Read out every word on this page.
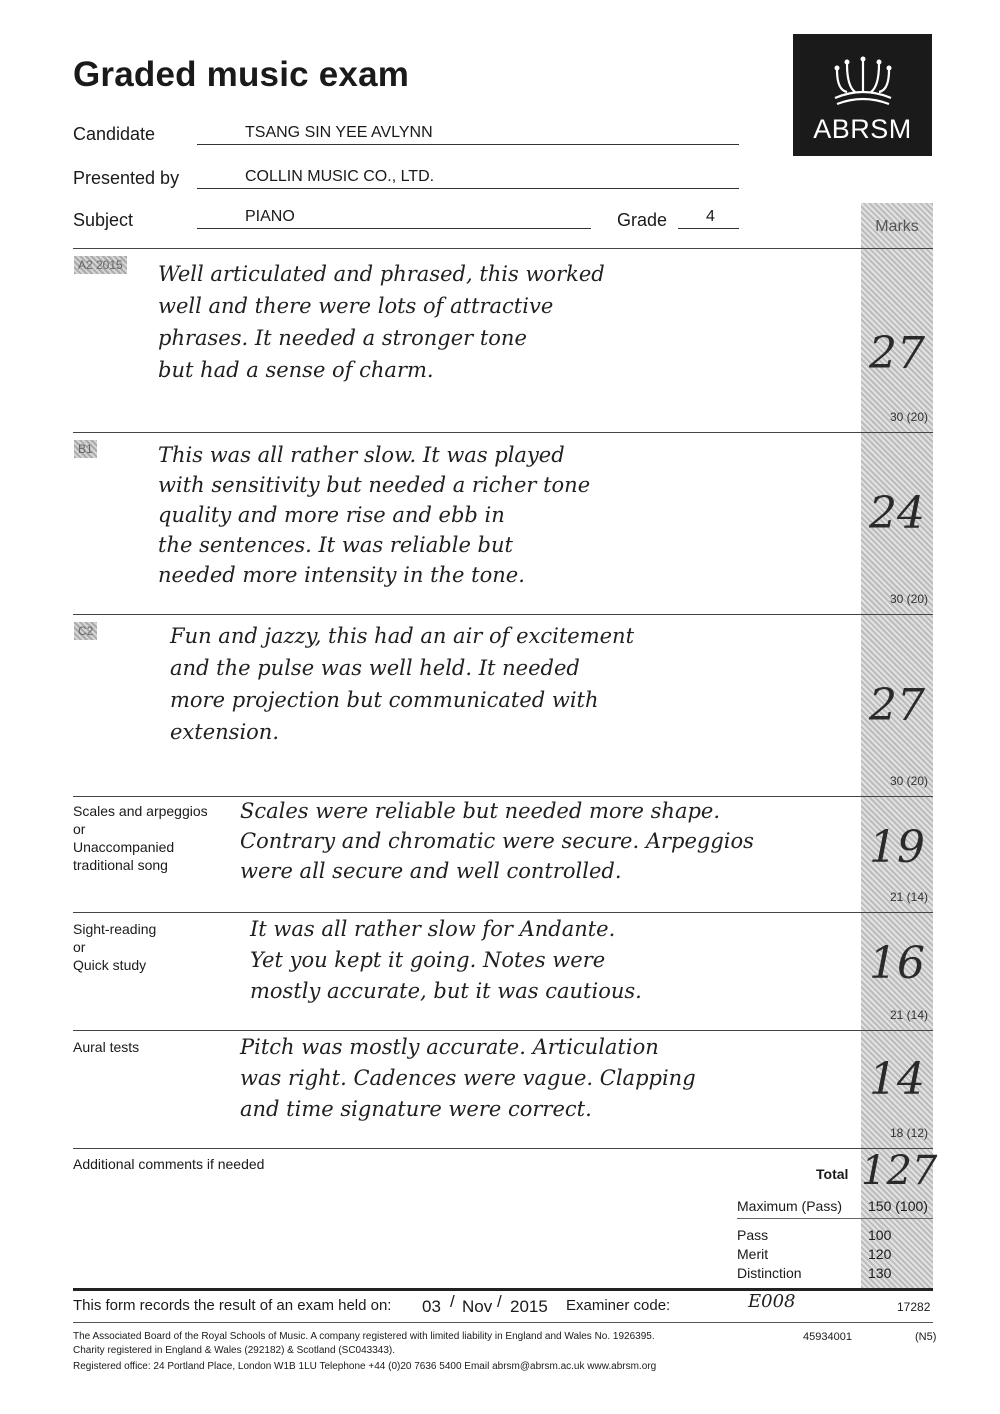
Graded music exam
ABRSM
Candidate	TSANG SIN YEE AVLYNN
Presented by	COLLIN MUSIC CO., LTD.
Subject	PIANO	Grade 4
Marks
A2 2015 Well articulated and phrased, this worked
well and there were lots of attractive
phrases. It needed a stronger tone
but had a sense of charm.	27
30 (20)
B1	This was all rather slow. It was played
with sensitivity but needed a richer tone
quality and more rise and ebb in
the sentences. It was reliable but
needed more intensity in the tone.
24
30 (20)
C2	Fun and jazzy, this had an air of excitement
and the pulse was well held. It needed
more projection but communicated with
extension.
27
30 (20)
Scales and arpeggios
or
Unaccompanied
traditional song
Scales were reliable but needed more shape.
Contrary and chromatic were secure. Arpeggios
were all secure and well controlled.	19
21 (14)
Sight-reading
or
Quick study
It was all rather slow for Andante.
Yet you kept it going. Notes were
mostly accurate, but it was cautious.
16
21 (14)
Aural tests	Pitch was mostly accurate. Articulation
was right. Cadences were vague. Clapping
and time signature were correct.
14
18 (12)
Additional comments if needed
Total 127
Maximum (Pass) 150 (100)
Pass	100
Merit	120
Distinction	130
This form records the result of an exam held on: 03 / Nov / 2015 Examiner code:	E008	17282
The Associated Board of the Royal Schools of Music. A company registered with limited liability in England and Wales No. 1926395.
Charity registered in England & Wales (292182) & Scotland (SC043343).
Registered office: 24 Portland Place, London W1B 1LU Telephone +44 (0)20 7636 5400 Email abrsm@abrsm.ac.uk www.abrsm.org
45934001	(N5)
